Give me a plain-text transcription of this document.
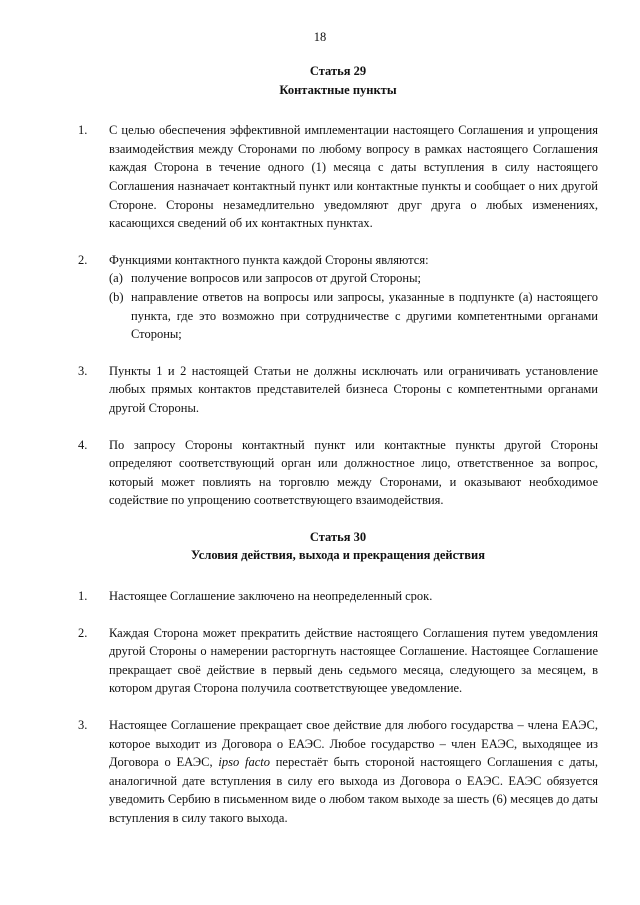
18
Статья 29
Контактные пункты
1.	С целью обеспечения эффективной имплементации настоящего Соглашения и упрощения взаимодействия между Сторонами по любому вопросу в рамках настоящего Соглашения каждая Сторона в течение одного (1) месяца с даты вступления в силу настоящего Соглашения назначает контактный пункт или контактные пункты и сообщает о них другой Стороне. Стороны незамедлительно уведомляют друг друга о любых изменениях, касающихся сведений об их контактных пунктах.
2.	Функциями контактного пункта каждой Стороны являются:

(a) получение вопросов или запросов от другой Стороны;
(b) направление ответов на вопросы или запросы, указанные в подпункте (a) настоящего пункта, где это возможно при сотрудничестве с другими компетентными органами Стороны;
3.	Пункты 1 и 2 настоящей Статьи не должны исключать или ограничивать установление любых прямых контактов представителей бизнеса Стороны с компетентными органами другой Стороны.
4.	По запросу Стороны контактный пункт или контактные пункты другой Стороны определяют соответствующий орган или должностное лицо, ответственное за вопрос, который может повлиять на торговлю между Сторонами, и оказывают необходимое содействие по упрощению соответствующего взаимодействия.
Статья 30
Условия действия, выхода и прекращения действия
1.	Настоящее Соглашение заключено на неопределенный срок.
2.	Каждая Сторона может прекратить действие настоящего Соглашения путем уведомления другой Стороны о намерении расторгнуть настоящее Соглашение. Настоящее Соглашение прекращает своё действие в первый день седьмого месяца, следующего за месяцем, в котором другая Сторона получила соответствующее уведомление.
3.	Настоящее Соглашение прекращает свое действие для любого государства – члена ЕАЭС, которое выходит из Договора о ЕАЭС. Любое государство – член ЕАЭС, выходящее из Договора о ЕАЭС, ipso facto перестаёт быть стороной настоящего Соглашения с даты, аналогичной дате вступления в силу его выхода из Договора о ЕАЭС. ЕАЭС обязуется уведомить Сербию в письменном виде о любом таком выходе за шесть (6) месяцев до даты вступления в силу такого выхода.
